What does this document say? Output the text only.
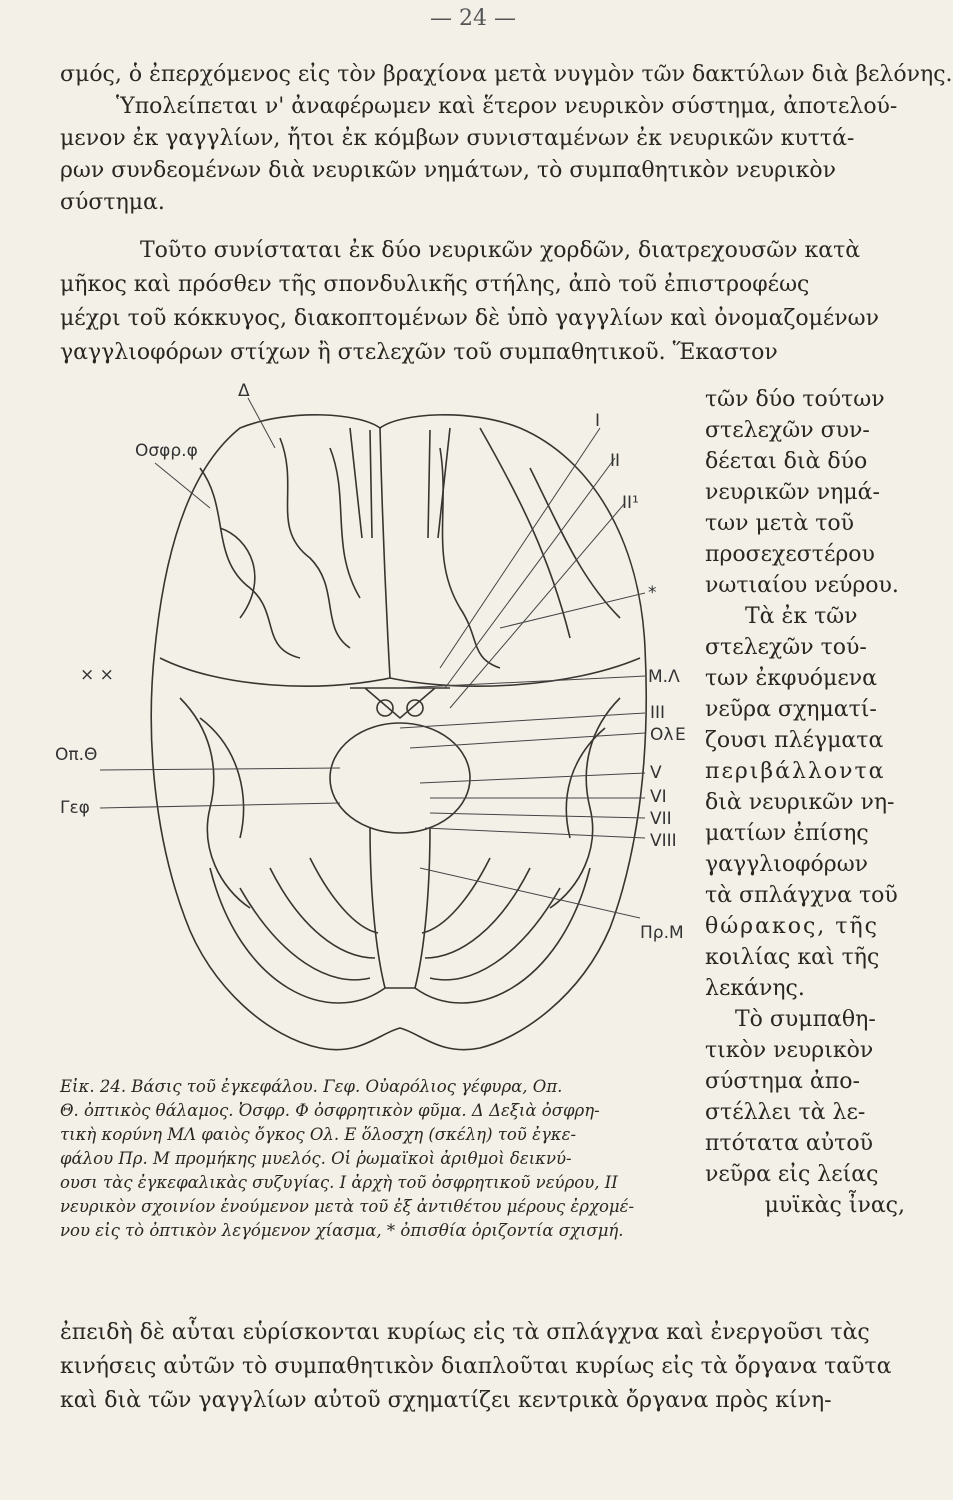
— 24 —
σμός, ὁ ἐπερχόμενος εἰς τὸν βραχίονα μετὰ νυγμὸν τῶν δακτύλων διὰ βελόνης.
Ὑπολείπεται ν' ἀναφέρωμεν καὶ ἕτερον νευρικὸν σύστημα, ἀποτελού-
μενον ἐκ γαγγλίων, ἤτοι ἐκ κόμβων συνισταμένων ἐκ νευρικῶν κυττά-
ρων συνδεομένων διὰ νευρικῶν νημάτων, τὸ συμπαθητικὸν νευρικὸν
σύστημα.
Τοῦτο συνίσταται ἐκ δύο νευρικῶν χορδῶν, διατρεχουσῶν κατὰ
μῆκος καὶ πρόσθεν τῆς σπονδυλικῆς στήλης, ἀπὸ τοῦ ἐπιστροφέως
μέχρι τοῦ κόκκυγος, διακοπτομένων δὲ ὑπὸ γαγγλίων καὶ ὀνομαζομένων
γαγγλιοφόρων στίχων ἢ στελεχῶν τοῦ συμπαθητικοῦ. Ἕκαστον
τῶν δύο τούτων
στελεχῶν συν-
δέεται διὰ δύο
νευρικῶν νημά-
των μετὰ τοῦ
προσεχεστέρου
νωτιαίου νεύρου.
Τὰ ἐκ τῶν
στελεχῶν τού-
των ἐκφυόμενα
νεῦρα σχηματί-
ζουσι πλέγματα
περιβάλλοντα
διὰ νευρικῶν νη-
ματίων ἐπίσης
γαγγλιοφόρων
τὰ σπλάγχνα τοῦ
θώρακος, τῆς
κοιλίας καὶ τῆς
λεκάνης.
Τὸ συμπαθη-
τικὸν νευρικὸν
σύστημα ἀπο-
στέλλει τὰ λε-
πτότατα αὐτοῦ
νεῦρα εἰς λείας
μυϊκὰς ἶνας,
Δ
Οσφρ.φ
I
II
II¹
*
Μ.Λ
III
Ολ Ε
V
VI
VII
VIII
Πρ.Μ
Οπ.Θ
Γεφ
× ×
Εἰκ. 24. Βάσις τοῦ ἐγκεφάλου. Γεφ. Οὐαρόλιος γέφυρα, Οπ.
Θ. ὀπτικὸς θάλαμος. Ὀσφρ. Φ ὀσφρητικὸν φῦμα. Δ Δεξιὰ ὀσφρη-
τικὴ κορύνη ΜΛ φαιὸς ὄγκος Ολ. Ε ὅλοσχη (σκέλη) τοῦ ἐγκε-
φάλου Πρ. Μ προμήκης μυελός. Οἱ ῥωμαϊκοὶ ἀριθμοὶ δεικνύ-
ουσι τὰς ἐγκεφαλικὰς συζυγίας. Ι ἀρχὴ τοῦ ὀσφρητικοῦ νεύρου, ΙΙ
νευρικὸν σχοινίον ἑνούμενον μετὰ τοῦ ἐξ ἀντιθέτου μέρους ἐρχομέ-
νου εἰς τὸ ὀπτικὸν λεγόμενον χίασμα, * ὀπισθία ὁριζοντία σχισμή.
ἐπειδὴ δὲ αὗται εὑρίσκονται κυρίως εἰς τὰ σπλάγχνα καὶ ἐνεργοῦσι τὰς
κινήσεις αὐτῶν τὸ συμπαθητικὸν διαπλοῦται κυρίως εἰς τὰ ὄργανα ταῦτα
καὶ διὰ τῶν γαγγλίων αὐτοῦ σχηματίζει κεντρικὰ ὄργανα πρὸς κίνη-
